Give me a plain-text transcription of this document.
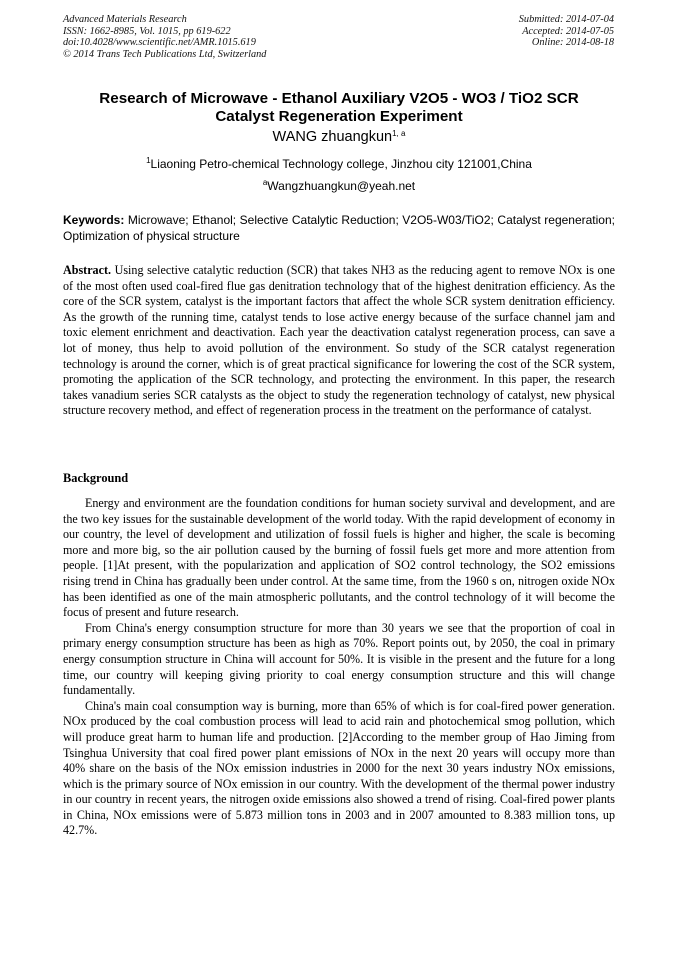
Advanced Materials Research
ISSN: 1662-8985, Vol. 1015, pp 619-622
doi:10.4028/www.scientific.net/AMR.1015.619
© 2014 Trans Tech Publications Ltd, Switzerland
Submitted: 2014-07-04
Accepted: 2014-07-05
Online: 2014-08-18
Research of Microwave - Ethanol Auxiliary V2O5 - WO3 / TiO2 SCR
Catalyst Regeneration Experiment
WANG zhuangkun$^{1, a}$
$^1$Liaoning Petro-chemical Technology college, Jinzhou city 121001,China
$^a$Wangzhuangkun@yeah.net
Keywords: Microwave; Ethanol; Selective Catalytic Reduction; V2O5-W03/TiO2; Catalyst regeneration; Optimization of physical structure
Abstract. Using selective catalytic reduction (SCR) that takes NH3 as the reducing agent to remove NOx is one of the most often used coal-fired flue gas denitration technology that of the highest denitration efficiency. As the core of the SCR system, catalyst is the important factors that affect the whole SCR system denitration efficiency. As the growth of the running time, catalyst tends to lose active energy because of the surface channel jam and toxic element enrichment and deactivation. Each year the deactivation catalyst regeneration process, can save a lot of money, thus help to avoid pollution of the environment. So study of the SCR catalyst regeneration technology is around the corner, which is of great practical significance for lowering the cost of the SCR system, promoting the application of the SCR technology, and protecting the environment. In this paper, the research takes vanadium series SCR catalysts as the object to study the regeneration technology of catalyst, new physical structure recovery method, and effect of regeneration process in the treatment on the performance of catalyst.
Background

Energy and environment are the foundation conditions for human society survival and development, and are the two key issues for the sustainable development of the world today. With the rapid development of economy in our country, the level of development and utilization of fossil fuels is higher and higher, the scale is becoming more and more big, so the air pollution caused by the burning of fossil fuels get more and more attention from people. [1]At present, with the popularization and application of SO2 control technology, the SO2 emissions rising trend in China has gradually been under control. At the same time, from the 1960 s on, nitrogen oxide NOx has been identified as one of the main atmospheric pollutants, and the control technology of it will become the focus of present and future research.

From China's energy consumption structure for more than 30 years we see that the proportion of coal in primary energy consumption structure has been as high as 70%. Report points out, by 2050, the coal in primary energy consumption structure in China will account for 50%. It is visible in the present and the future for a long time, our country will keeping giving priority to coal energy consumption structure and this will change fundamentally.

China's main coal consumption way is burning, more than 65% of which is for coal-fired power generation. NOx produced by the coal combustion process will lead to acid rain and photochemical smog pollution, which will produce great harm to human life and production. [2]According to the member group of Hao Jiming from Tsinghua University that coal fired power plant emissions of NOx in the next 20 years will occupy more than 40% share on the basis of the NOx emission industries in 2000 for the next 30 years industry NOx emissions, which is the primary source of NOx emission in our country. With the development of the thermal power industry in our country in recent years, the nitrogen oxide emissions also showed a trend of rising. Coal-fired power plants in China, NOx emissions were of 5.873 million tons in 2003 and in 2007 amounted to 8.383 million tons, up 42.7%.
